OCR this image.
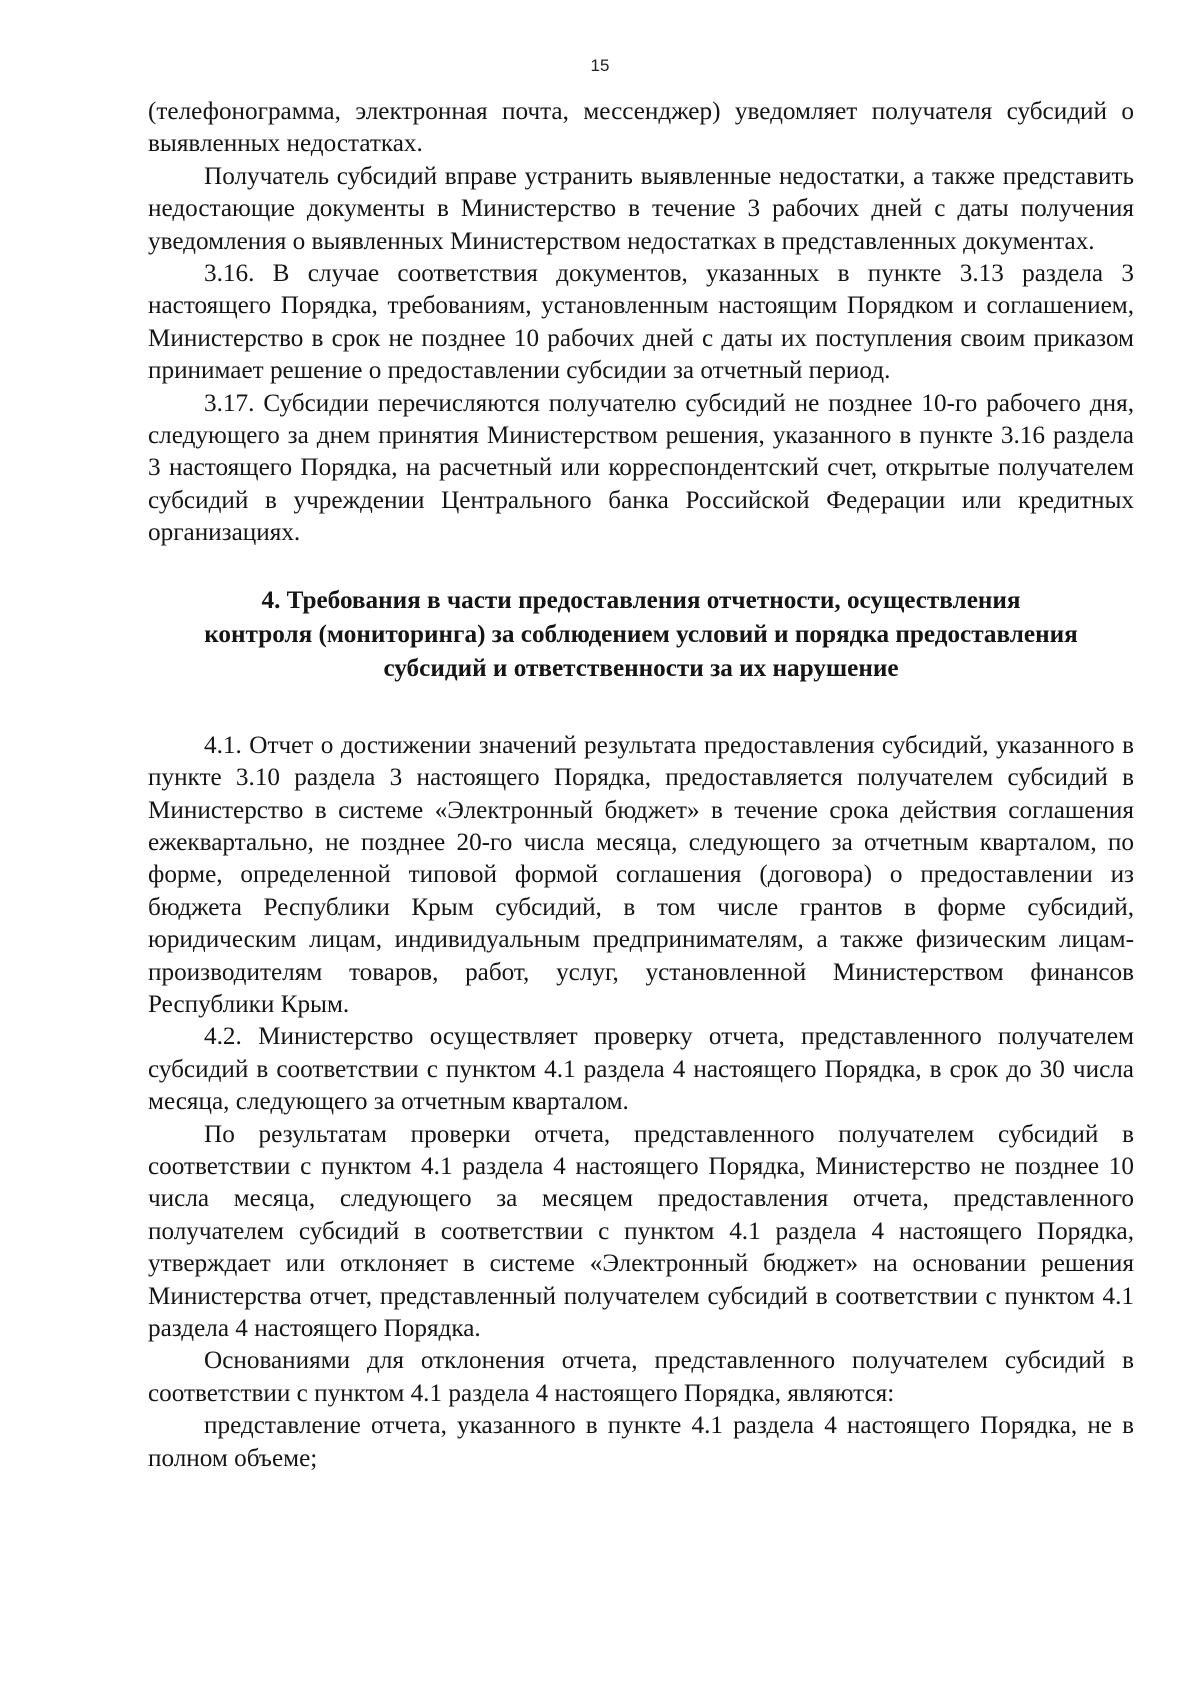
15

(телефонограмма, электронная почта, мессенджер) уведомляет получателя субсидий о выявленных недостатках.

Получатель субсидий вправе устранить выявленные недостатки, а также представить недостающие документы в Министерство в течение 3 рабочих дней с даты получения уведомления о выявленных Министерством недостатках в представленных документах.

3.16. В случае соответствия документов, указанных в пункте 3.13 раздела 3 настоящего Порядка, требованиям, установленным настоящим Порядком и соглашением, Министерство в срок не позднее 10 рабочих дней с даты их поступления своим приказом принимает решение о предоставлении субсидии за отчетный период.

3.17. Субсидии перечисляются получателю субсидий не позднее 10-го рабочего дня, следующего за днем принятия Министерством решения, указанного в пункте 3.16 раздела 3 настоящего Порядка, на расчетный или корреспондентский счет, открытые получателем субсидий в учреждении Центрального банка Российской Федерации или кредитных организациях.

4. Требования в части предоставления отчетности, осуществления
контроля (мониторинга) за соблюдением условий и порядка предоставления
субсидий и ответственности за их нарушение

4.1. Отчет о достижении значений результата предоставления субсидий, указанного в пункте 3.10 раздела 3 настоящего Порядка, предоставляется получателем субсидий в Министерство в системе «Электронный бюджет» в течение срока действия соглашения ежеквартально, не позднее 20-го числа месяца, следующего за отчетным кварталом, по форме, определенной типовой формой соглашения (договора) о предоставлении из бюджета Республики Крым субсидий, в том числе грантов в форме субсидий, юридическим лицам, индивидуальным предпринимателям, а также физическим лицам-производителям товаров, работ, услуг, установленной Министерством финансов Республики Крым.

4.2. Министерство осуществляет проверку отчета, представленного получателем субсидий в соответствии с пунктом 4.1 раздела 4 настоящего Порядка, в срок до 30 числа месяца, следующего за отчетным кварталом.

По результатам проверки отчета, представленного получателем субсидий в соответствии с пунктом 4.1 раздела 4 настоящего Порядка, Министерство не позднее 10 числа месяца, следующего за месяцем предоставления отчета, представленного получателем субсидий в соответствии с пунктом 4.1 раздела 4 настоящего Порядка, утверждает или отклоняет в системе «Электронный бюджет» на основании решения Министерства отчет, представленный получателем субсидий в соответствии с пунктом 4.1 раздела 4 настоящего Порядка.

Основаниями для отклонения отчета, представленного получателем субсидий в соответствии с пунктом 4.1 раздела 4 настоящего Порядка, являются:

представление отчета, указанного в пункте 4.1 раздела 4 настоящего Порядка, не в полном объеме;
